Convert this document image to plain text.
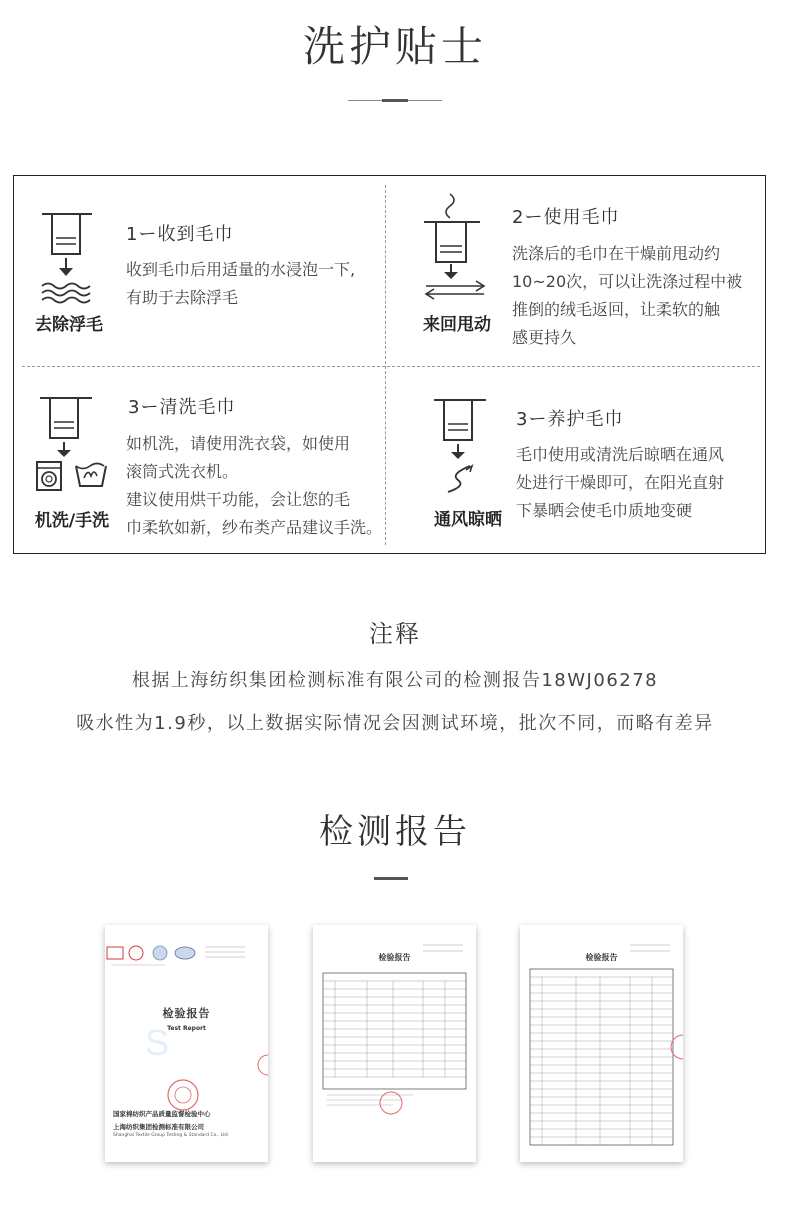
洗护贴士
去除浮毛
1ー收到毛巾
收到毛巾后用适量的水浸泡一下,
有助于去除浮毛
来回甩动
2ー使用毛巾
洗涤后的毛巾在干燥前甩动约
10~20次，可以让洗涤过程中被
推倒的绒毛返回，让柔软的触
感更持久
机洗/手洗
3ー清洗毛巾
如机洗，请使用洗衣袋，如使用
滚筒式洗衣机。
建议使用烘干功能，会让您的毛
巾柔软如新，纱布类产品建议手洗。	通风晾晒
3ー养护毛巾
毛巾使用或清洗后晾晒在通风
处进行干燥即可，在阳光直射
下暴晒会使毛巾质地变硬
注释
根据上海纺织集团检测标准有限公司的检测报告18WJ06278
吸水性为1.9秒，以上数据实际情况会因测试环境，批次不同，而略有差异
检测报告
S
检验报告
Test Report
国家棉纺织产品质量监督检验中心
上海纺织集团检测标准有限公司
Shanghai Textile Group Testing & Standard Co., Ltd
检验报告	检验报告
